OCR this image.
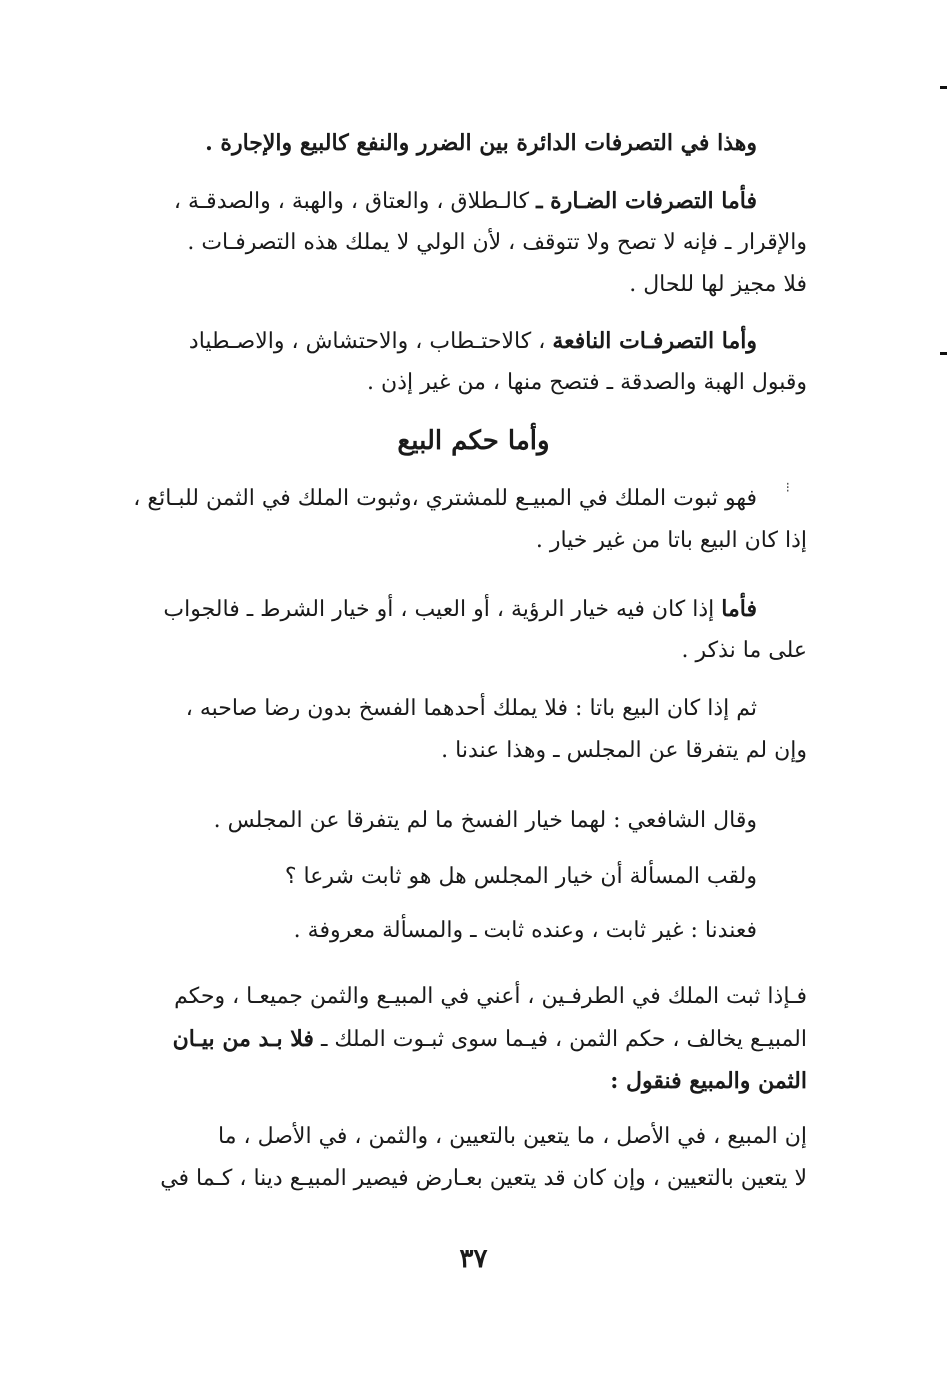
وهذا في التصرفات الدائرة بين الضرر والنفع كالبيع والإجارة .
فأما التصرفات الضـارة ـ كالـطلاق ، والعتاق ، والهبة ، والصدقـة ،
والإقرار ـ فإنه لا تصح ولا تتوقف ، لأن الولي لا يملك هذه التصرفـات .
فلا مجيز لها للحال .
وأما التصرفـات النافعة ، كالاحتـطاب ، والاحتشاش ، والاصـطياد
وقبول الهبة والصدقة ـ فتصح منها ، من غير إذن .
وأما حكم البيع
⁝
فهو ثبوت الملك في المبيـع للمشتري ،وثبوت الملك في الثمن للبـائع ،
إذا كان البيع باتا من غير خيار .
فأما إذا كان فيه خيار الرؤية ، أو العيب ، أو خيار الشرط ـ فالجواب
على ما نذكر .
ثم إذا كان البيع باتا : فلا يملك أحدهما الفسخ بدون رضا صاحبه ،
وإن لم يتفرقا عن المجلس ـ وهذا عندنا .
وقال الشافعي : لهما خيار الفسخ ما لم يتفرقا عن المجلس .
ولقب المسألة أن خيار المجلس هل هو ثابت شرعا ؟
فعندنا : غير ثابت ، وعنده ثابت ـ والمسألة معروفة .
فـإذا ثبت الملك في الطرفـين ، أعني في المبيـع والثمن جميعـا ، وحكم
المبيـع يخالف ، حكم الثمن ، فيـما سوى ثبـوت الملك ـ فلا بـد من بيـان
الثمن والمبيع فنقول :
إن المبيع ، في الأصل ، ما يتعين بالتعيين ، والثمن ، في الأصل ، ما
لا يتعين بالتعيين ، وإن كان قد يتعين بعـارض فيصير المبيـع دينا ، كـما في
٣٧
